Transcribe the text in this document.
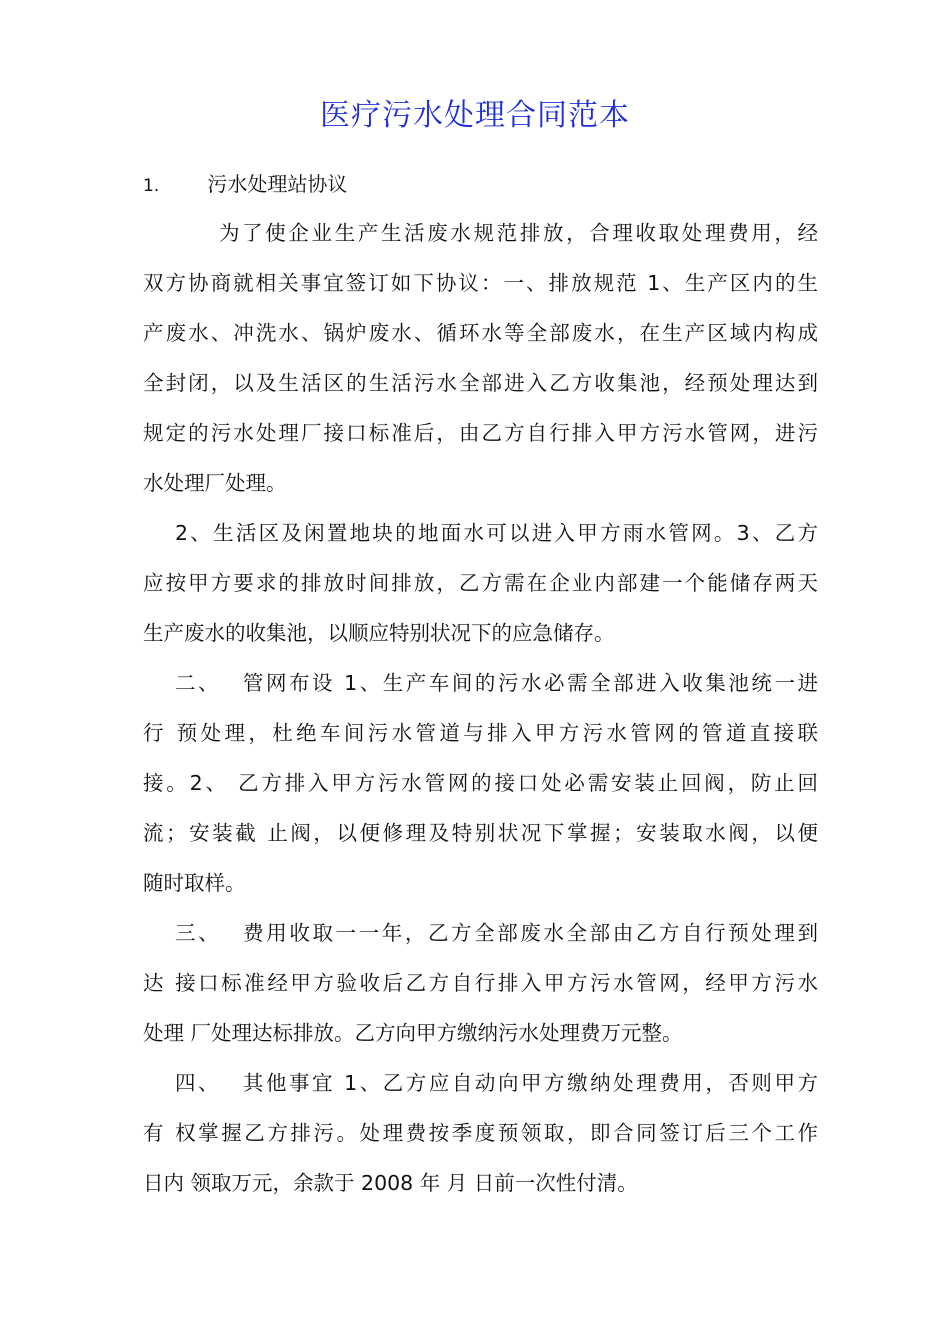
医疗污水处理合同范本
1. 污水处理站协议
为了使企业生产生活废水规范排放，合理收取处理费用，经
双方协商就相关事宜签订如下协议：一、排放规范 1、生产区内的生
产废水、冲洗水、锅炉废水、循环水等全部废水，在生产区域内构成
全封闭，以及生活区的生活污水全部进入乙方收集池，经预处理达到
规定的污水处理厂接口标准后，由乙方自行排入甲方污水管网，进污
水处理厂处理。
2、生活区及闲置地块的地面水可以进入甲方雨水管网。3、乙方
应按甲方要求的排放时间排放，乙方需在企业内部建一个能储存两天
生产废水的收集池，以顺应特别状况下的应急储存。
二、　 管网布设 1、生产车间的污水必需全部进入收集池统一进
行 预处理，杜绝车间污水管道与排入甲方污水管网的管道直接联
接。2、 乙方排入甲方污水管网的接口处必需安装止回阀，防止回
流；安装截 止阀，以便修理及特别状况下掌握；安装取水阀，以便
随时取样。
三、　 费用收取一一年，乙方全部废水全部由乙方自行预处理到
达 接口标准经甲方验收后乙方自行排入甲方污水管网，经甲方污水
处理 厂处理达标排放。乙方向甲方缴纳污水处理费万元整。
四、　 其他事宜 1、乙方应自动向甲方缴纳处理费用，否则甲方
有 权掌握乙方排污。处理费按季度预领取，即合同签订后三个工作
日内 领取万元，余款于 2008 年 月 日前一次性付清。
